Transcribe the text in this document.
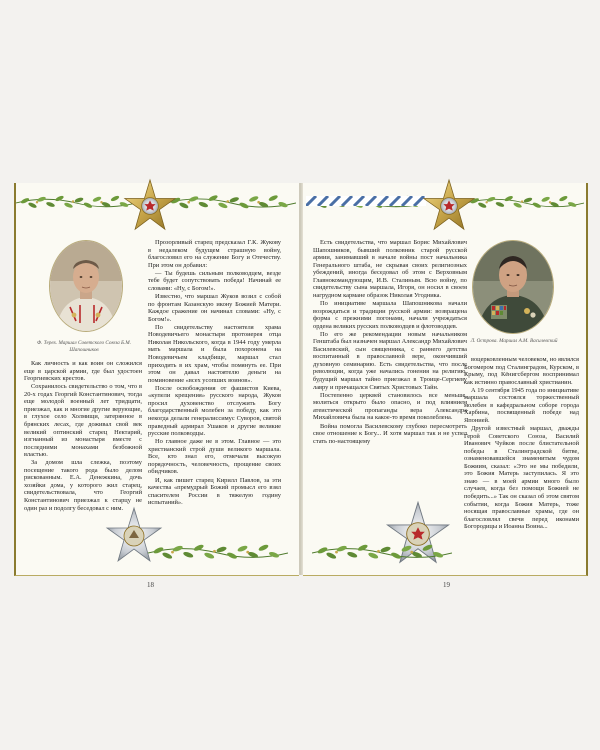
Ф. Терех. Маршал Советского Союза Б.М. Шапошников

Как личность и как воин он сложился еще в царской армии, где был удостоен Георгиевских крестов.

Сохранилось свидетельство о том, что в 20-х годах Георгий Константинович, тогда еще молодой военный лет тридцати, приезжал, как и многие другие верующие, в глухое село Холмищи, затерянное в брянских лесах, где доживал свой век великий оптинский старец Нектарий, изгнанный из монастыря вместе с последними монахами безбожной властью.

За домом шла слежка, поэтому посещение такого рода было делом рискованным. Е.А. Денежкина, дочь хозяйки дома, у которого жил старец, свидетельствовала, что Георгий Константинович приезжал к старцу не один раз и подолгу беседовал с ним.

Прозорливый старец предсказал Г.К. Жукову в недалеком будущем страшную войну, благословил его на служение Богу и Отечеству. При этом он добавил:

— Ты будешь сильным полководцем, везде тебе будет сопутствовать победа! Начинай ее словами: «Ну, с Богом!».

Известно, что маршал Жуков возил с собой по фронтам Казанскую икону Божией Матери. Каждое сражение он начинал словами: «Ну, с Богом!».

По свидетельству настоятеля храма Новодевичьего монастыря протоиерея отца Николая Никольского, когда в 1944 году умерла мать маршала и была похоронена на Новодевичьем кладбище, маршал стал приходить в их храм, чтобы помянуть ее. При этом он давал настоятелю деньги на поминовение «всех усопших воинов».

После освобождения от фашистов Киева, «купели крещения» русского народа, Жуков просил духовенство отслужить Богу благодарственный молебен за победу, как это некогда делали генералиссимус Суворов, святой праведный адмирал Ушаков и другие великие русские полководцы.

Но главное даже не в этом. Главное — это христианский строй души великого маршала. Все, кто знал его, отмечали высокую порядочность, человечность, прощение своих обидчиков.

И, как пишет старец Кирилл Павлов, за эти качества «премудрый Божий промысл его взял спасителем России в тяжелую годину испытаний».

18
Л. Островa. Маршал А.М. Василевский

Есть свидетельства, что маршал Борис Михайлович Шапошников, бывший полковник старой русской армии, занимавший в начале войны пост начальника Генерального штаба, не скрывая своих религиозных убеждений, иногда беседовал об этом с Верховным Главнокомандующим, И.В. Сталиным. Всю войну, по свидетельству сына маршала, Игоря, он носил в своем нагрудном кармане образок Николая Угодника.

По инициативе маршала Шапошникова начали возрождаться и традиции русской армии: возвращена форма с прежними погонами, начали учреждаться ордена великих русских полководцев и флотоводцев.

По его же рекомендации новым начальником Генштаба был назначен маршал Александр Михайлович Василевский, сын священника, с раннего детства воспитанный в православной вере, окончивший духовную семинарию. Есть свидетельства, что после революции, когда уже начались гонения на религию, будущий маршал тайно приезжал в Троице-Сергиеву лавру и причащался Святых Христовых Тайн.

Постепенно церквей становилось все меньше, молиться открыто было опасно, и под влиянием атеистической пропаганды вера Александра Михайловича была на какое-то время поколеблена.

Война помогла Василевскому глубоко пересмотреть свое отношение к Богу... И хотя маршал так и не успел стать по-настоящему

воцерковленным человеком, но являлся Богомером под Сталинградом, Курском, в Крыму, под Кёнигсбергом воспринимал как истинно православный христианин.

А 19 сентября 1945 года по инициативе маршала состоялся торжественный молебен в кафедральном соборе города Харбина, посвященный победе над Японией.

Другой известный маршал, дважды Герой Советского Союза, Василий Иванович Чуйков после блистательной победы в Сталинградской битве, ознаменовавшейся знаменитым чудом Божиим, сказал: «Это не мы победили, это Божия Матерь заступилась. Я это знаю — в моей армии много было случаев, когда без помощи Божией не победить...» Так он сказал об этом святом событии, когда Божия Матерь, тоже носящая православные храмы, где он благословлял свечи перед иконами Богородицы и Иоанна Воина...

19
